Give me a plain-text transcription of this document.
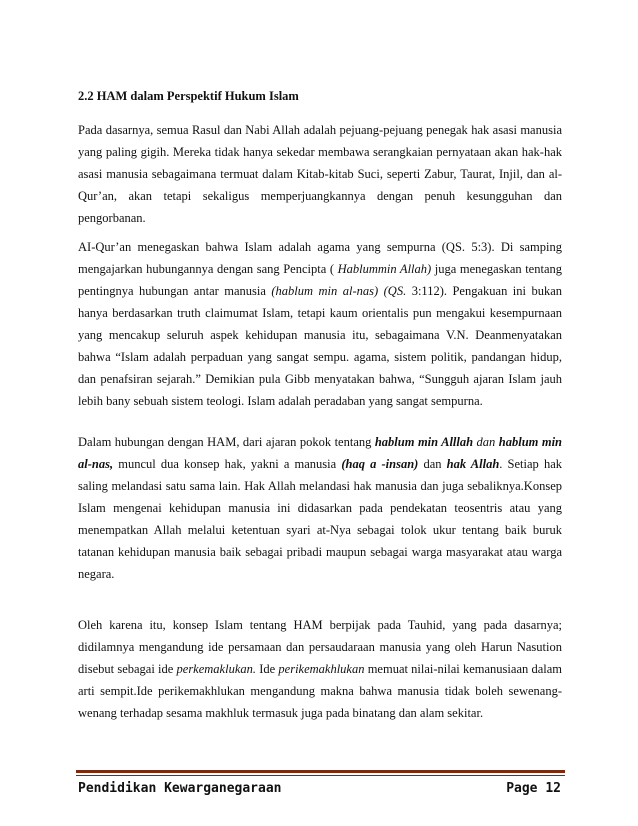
2.2 HAM dalam Perspektif Hukum Islam

Pada dasarnya, semua Rasul dan Nabi Allah adalah pejuang-pejuang penegak hak asasi manusia yang paling gigih. Mereka tidak hanya sekedar membawa serangkaian pernyataan akan hak-hak asasi manusia sebagaimana termuat dalam Kitab-kitab Suci, seperti Zabur, Taurat, Injil, dan al-Qur’an, akan tetapi sekaligus memperjuangkannya dengan penuh kesungguhan dan pengorbanan.

AI-Qur’an menegaskan bahwa Islam adalah agama yang sempurna (QS. 5:3). Di samping mengajarkan hubungannya dengan sang Pencipta ( Hablummin Allah) juga menegaskan tentang pentingnya hubungan antar manusia (hablum min al-nas) (QS. 3:112). Pengakuan ini bukan hanya berdasarkan truth claimumat Islam, tetapi kaum orientalis pun mengakui kesempurnaan yang mencakup seluruh aspek kehidupan manusia itu, sebagaimana V.N. Deanmenyatakan bahwa “Islam adalah perpaduan yang sangat sempu. agama, sistem politik, pandangan hidup, dan penafsiran sejarah.” Demikian pula Gibb menyatakan bahwa, “Sungguh ajaran Islam jauh lebih bany sebuah sistem teologi. Islam adalah peradaban yang sangat sempurna.

Dalam hubungan dengan HAM, dari ajaran pokok tentang hablum min Alllah dan hablum min al-nas, muncul dua konsep hak, yakni a manusia (haq a -insan) dan hak Allah. Setiap hak saling melandasi satu sama lain. Hak Allah melandasi hak manusia dan juga sebaliknya.Konsep Islam mengenai kehidupan manusia ini didasarkan pada pendekatan teosentris atau yang menempatkan Allah melalui ketentuan syari at-Nya sebagai tolok ukur tentang baik buruk tatanan kehidupan manusia baik sebagai pribadi maupun sebagai warga masyarakat atau warga negara.

Oleh karena itu, konsep Islam tentang HAM berpijak pada Tauhid, yang pada dasarnya; didilamnya mengandung ide persamaan dan persaudaraan manusia yang oleh Harun Nasution disebut sebagai ide perkemaklukan. Ide perikemakhlukan memuat nilai-nilai kemanusiaan dalam arti sempit.Ide perikemakhlukan mengandung makna bahwa manusia tidak boleh sewenang-wenang terhadap sesama makhluk termasuk juga pada binatang dan alam sekitar.

Pendidikan Kewarganegaraan	Page 12
